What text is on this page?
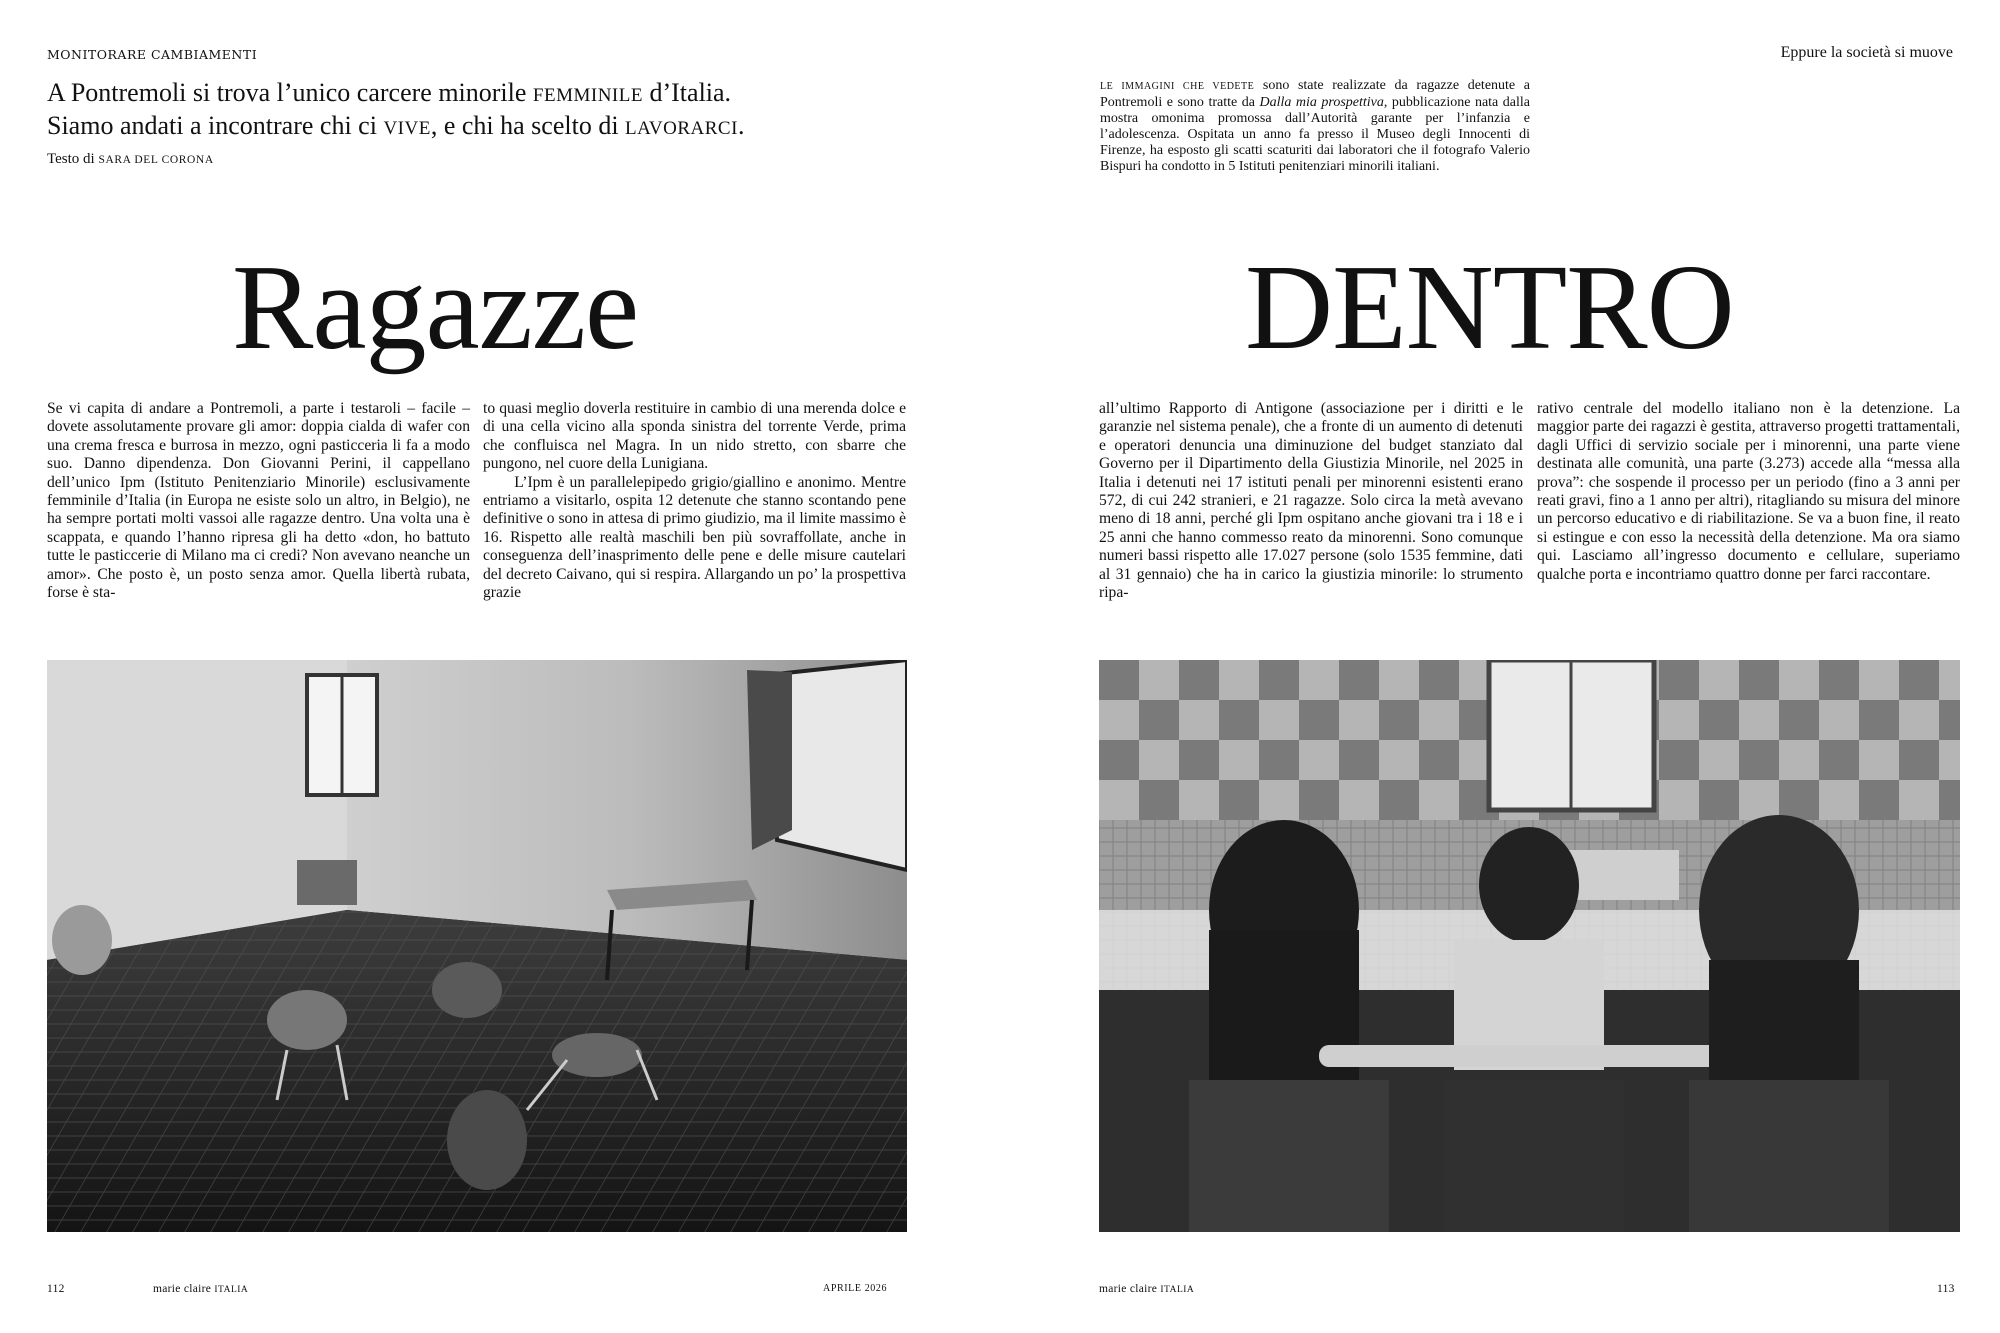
MONITORARE CAMBIAMENTI	Eppure la società si muove
A Pontremoli si trova l’unico carcere minorile FEMMINILE d’Italia.
Siamo andati a incontrare chi ci VIVE, e chi ha scelto di LAVORARCI.
Testo di SARA DEL CORONA
LE IMMAGINI CHE VEDETE sono state realizzate da ragazze detenute a Pontremoli e sono tratte da Dalla mia prospettiva, pubblicazione nata dalla mostra omonima promossa dall’Autorità garante per l’infanzia e l’adolescenza. Ospitata un anno fa presso il Museo degli Innocenti di Firenze, ha esposto gli scatti scaturiti dai laboratori che il fotografo Valerio Bispuri ha condotto in 5 Istituti penitenziari minorili italiani.
Ragazze	DENTRO

Se vi capita di andare a Pontremoli, a parte i testaroli – facile – dovete assolutamente provare gli amor: doppia cialda di wafer con una crema fresca e burrosa in mezzo, ogni pasticceria li fa a modo suo. Danno dipendenza. Don Giovanni Perini, il cappellano dell’unico Ipm (Istituto Penitenziario Minorile) esclusivamente femminile d’Italia (in Europa ne esiste solo un altro, in Belgio), ne ha sempre portati molti vassoi alle ragazze dentro. Una volta una è scappata, e quando l’hanno ripresa gli ha detto «don, ho battuto tutte le pasticcerie di Milano ma ci credi? Non avevano neanche un amor». Che posto è, un posto senza amor. Quella libertà rubata, forse è sta-

to quasi meglio doverla restituire in cambio di una merenda dolce e di una cella vicino alla sponda sinistra del torrente Verde, prima che confluisca nel Magra. In un nido stretto, con sbarre che pungono, nel cuore della Lunigiana.

L’Ipm è un parallelepipedo grigio/giallino e anonimo. Mentre entriamo a visitarlo, ospita 12 detenute che stanno scontando pene definitive o sono in attesa di primo giudizio, ma il limite massimo è 16. Rispetto alle realtà maschili ben più sovraffollate, anche in conseguenza dell’inasprimento delle pene e delle misure cautelari del decreto Caivano, qui si respira. Allargando un po’ la prospettiva grazie

all’ultimo Rapporto di Antigone (associazione per i diritti e le garanzie nel sistema penale), che a fronte di un aumento di detenuti e operatori denuncia una diminuzione del budget stanziato dal Governo per il Dipartimento della Giustizia Minorile, nel 2025 in Italia i detenuti nei 17 istituti penali per minorenni esistenti erano 572, di cui 242 stranieri, e 21 ragazze. Solo circa la metà avevano meno di 18 anni, perché gli Ipm ospitano anche giovani tra i 18 e i 25 anni che hanno commesso reato da minorenni. Sono comunque numeri bassi rispetto alle 17.027 persone (solo 1535 femmine, dati al 31 gennaio) che ha in carico la giustizia minorile: lo strumento ripa-

rativo centrale del modello italiano non è la detenzione. La maggior parte dei ragazzi è gestita, attraverso progetti trattamentali, dagli Uffici di servizio sociale per i minorenni, una parte viene destinata alle comunità, una parte (3.273) accede alla “messa alla prova”: che sospende il processo per un periodo (fino a 3 anni per reati gravi, fino a 1 anno per altri), ritagliando su misura del minore un percorso educativo e di riabilitazione. Se va a buon fine, il reato si estingue e con esso la necessità della detenzione. Ma ora siamo qui. Lasciamo all’ingresso documento e cellulare, superiamo qualche porta e incontriamo quattro donne per farci raccontare.

112	marie claire ITALIA	APRILE 2026	marie claire ITALIA	113
